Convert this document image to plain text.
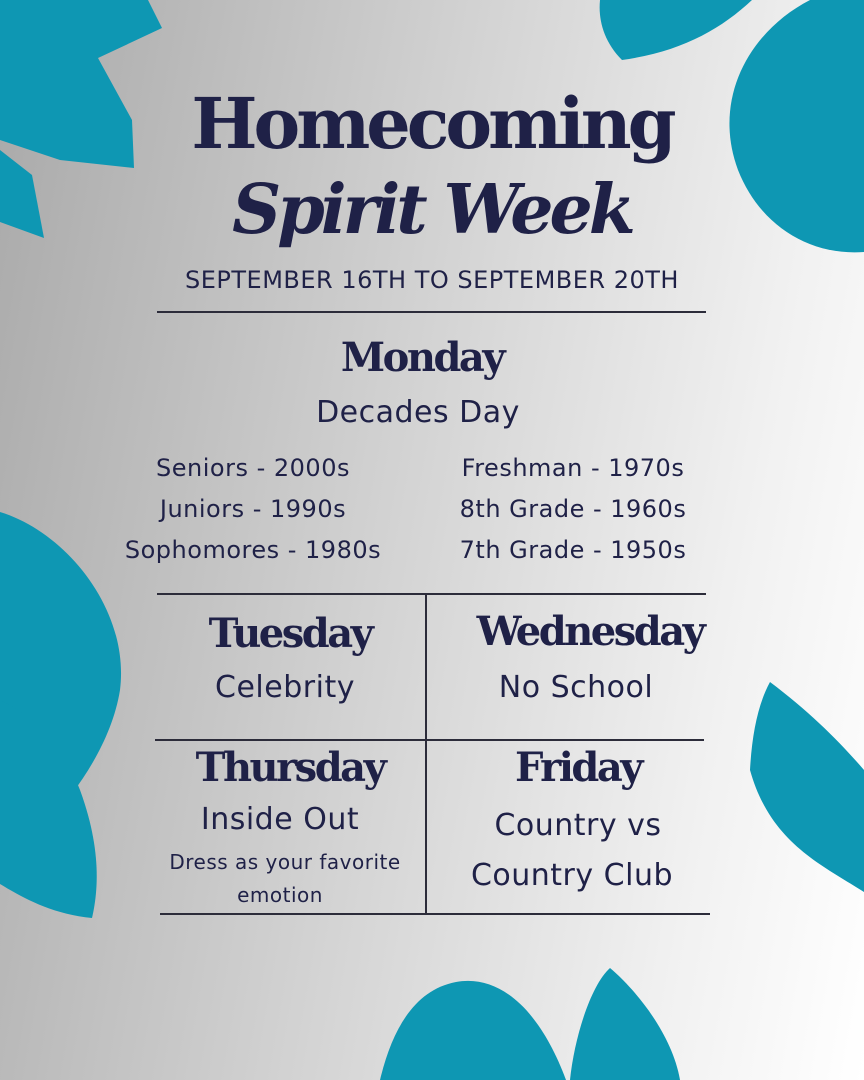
Homecoming
Spirit Week
SEPTEMBER 16TH TO SEPTEMBER 20TH
Monday
Decades Day
Seniors - 2000s
Juniors - 1990s
Sophomores - 1980s
Freshman - 1970s
8th Grade - 1960s
7th Grade - 1950s
Tuesday
Celebrity
Wednesday
No School
Thursday
Inside Out
Dress as your favorite
emotion
Friday
Country vs
Country Club
